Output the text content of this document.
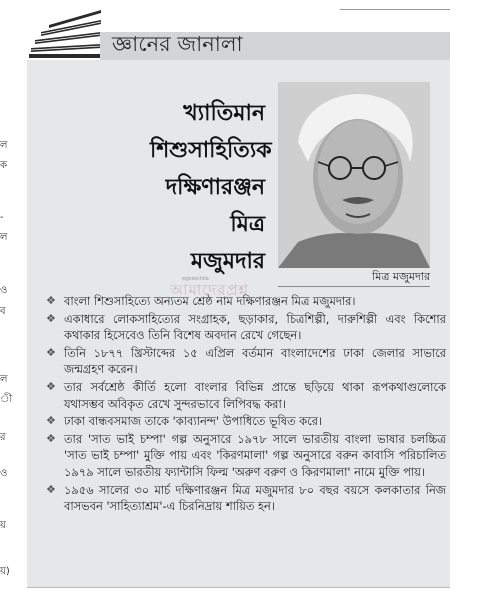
ল
ক
-
ল
ও
ব
ল
ী
র
ও
য়
য়)
জ্ঞানের জানালা
খ্যাতিমান
শিশুসাহিত্যিক
দক্ষিণারঞ্জন মিত্র
মজুমদার
egeeschile
আমাদেরপ্রশ্ন
মিত্র মজুমদার
❖ বাংলা শিশুসাহিত্যে অন্যতম শ্রেষ্ঠ নাম দক্ষিণারঞ্জন মিত্র মজুমদার।
❖ একাধারে লোকসাহিত্যের সংগ্রাহক, ছড়াকার, চিত্রশিল্পী, দারুশিল্পী এবং কিশোর কথাকার হিসেবেও তিনি বিশেষ অবদান রেখে গেছেন।
❖ তিনি ১৮৭৭ খ্রিস্টাব্দের ১৫ এপ্রিল বর্তমান বাংলাদেশের ঢাকা জেলার সাভারে জন্মগ্রহণ করেন।
❖ তার সর্বশ্রেষ্ঠ কীর্তি হলো বাংলার বিভিন্ন প্রান্তে ছড়িয়ে থাকা রূপকথাগুলোকে যথাসম্ভব অবিকৃত রেখে সুন্দরভাবে লিপিবদ্ধ করা।
❖ ঢাকা বান্ধবসমাজ তাকে 'কাব্যানন্দ' উপাধিতে ভূষিত করে।
❖ তার 'সাত ভাই চম্পা' গল্প অনুসারে ১৯৭৮ সালে ভারতীয় বাংলা ভাষার চলচ্চিত্র 'সাত ভাই চম্পা' মুক্তি পায় এবং 'কিরণমালা' গল্প অনুসারে বরুন কাবাসি পরিচালিত ১৯৭৯ সালে ভারতীয় ফ্যান্টাসি ফিল্ম 'অরুণ বরুণ ও কিরণমালা' নামে মুক্তি পায়।
❖ ১৯৫৬ সালের ৩০ মার্চ দক্ষিণারঞ্জন মিত্র মজুমদার ৮০ বছর বয়সে কলকাতার নিজ বাসভবন 'সাহিত্যাশ্রম'-এ চিরনিদ্রায় শায়িত হন।
